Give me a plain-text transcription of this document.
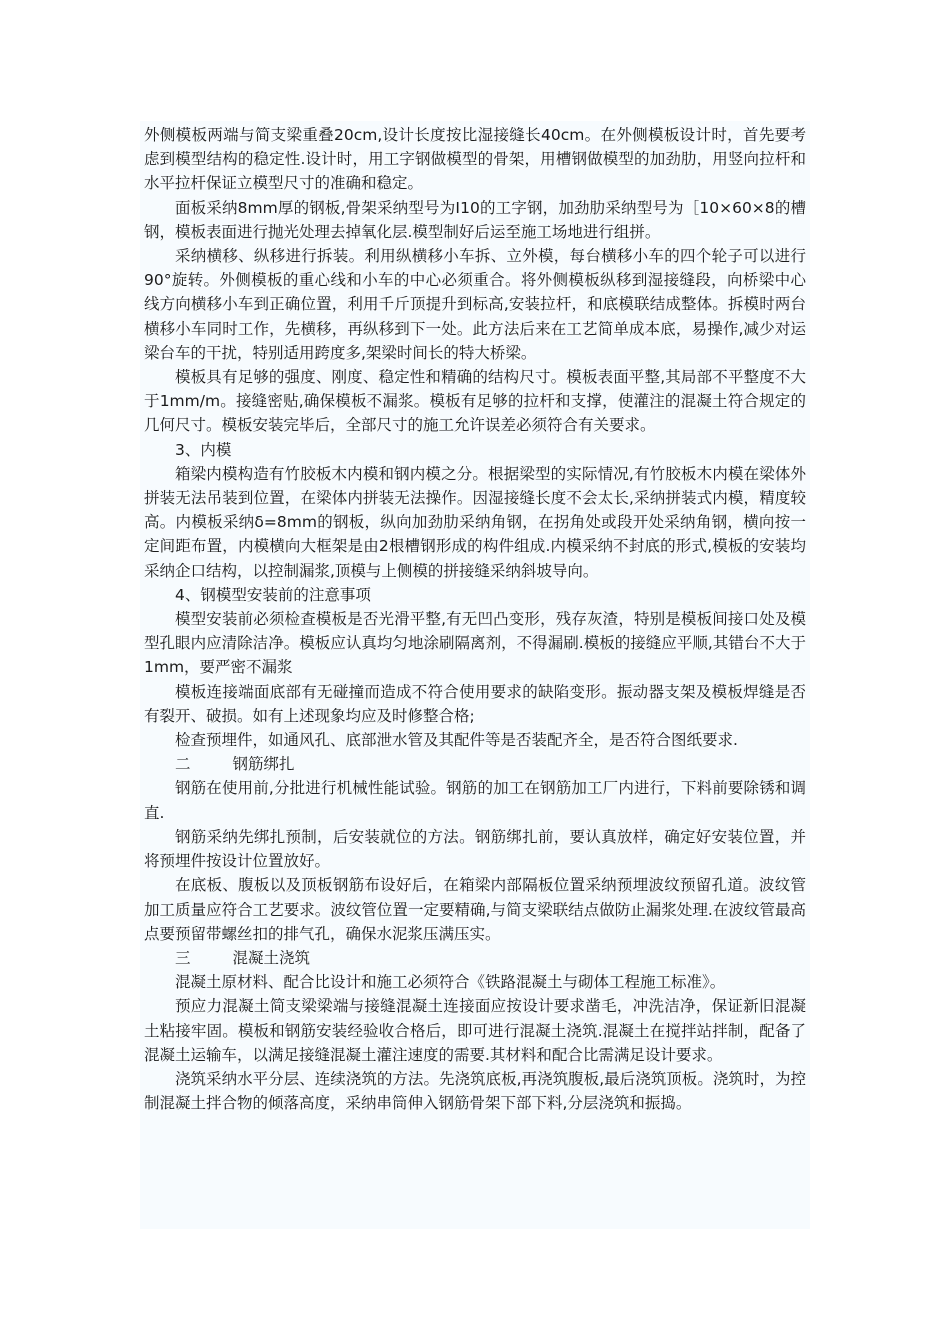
外侧模板两端与简支梁重叠20cm,设计长度按比湿接缝长40cm。在外侧模板设计时，首先要考虑到模型结构的稳定性.设计时，用工字钢做模型的骨架，用槽钢做模型的加劲肋，用竖向拉杆和水平拉杆保证立模型尺寸的准确和稳定。

面板采纳8mm厚的钢板,骨架采纳型号为Ⅰ10的工字钢，加劲肋采纳型号为［10×60×8的槽钢，模板表面进行抛光处理去掉氧化层.模型制好后运至施工场地进行组拼。

采纳横移、纵移进行拆装。利用纵横移小车拆、立外模，每台横移小车的四个轮子可以进行90°旋转。外侧模板的重心线和小车的中心必须重合。将外侧模板纵移到湿接缝段，向桥梁中心线方向横移小车到正确位置，利用千斤顶提升到标高,安装拉杆，和底模联结成整体。拆模时两台横移小车同时工作，先横移，再纵移到下一处。此方法后来在工艺简单成本底，易操作,减少对运梁台车的干扰，特别适用跨度多,架梁时间长的特大桥梁。

模板具有足够的强度、刚度、稳定性和精确的结构尺寸。模板表面平整,其局部不平整度不大于1mm/m。接缝密贴,确保模板不漏浆。模板有足够的拉杆和支撑，使灌注的混凝土符合规定的几何尺寸。模板安装完毕后，全部尺寸的施工允许误差必须符合有关要求。

3、内模

箱梁内模构造有竹胶板木内模和钢内模之分。根据梁型的实际情况,有竹胶板木内模在梁体外拼装无法吊装到位置，在梁体内拼装无法操作。因湿接缝长度不会太长,采纳拼装式内模，精度较高。内模板采纳δ=8mm的钢板，纵向加劲肋采纳角钢，在拐角处或段开处采纳角钢，横向按一定间距布置，内模横向大框架是由2根槽钢形成的构件组成.内模采纳不封底的形式,模板的安装均采纳企口结构，以控制漏浆,顶模与上侧模的拼接缝采纳斜坡导向。

4、钢模型安装前的注意事项

模型安装前必须检查模板是否光滑平整,有无凹凸变形，残存灰渣，特别是模板间接口处及模型孔眼内应清除洁净。模板应认真均匀地涂刷隔离剂，不得漏刷.模板的接缝应平顺,其错台不大于1mm，要严密不漏浆

模板连接端面底部有无碰撞而造成不符合使用要求的缺陷变形。振动器支架及模板焊缝是否有裂开、破损。如有上述现象均应及时修整合格;

检查预埋件，如通风孔、底部泄水管及其配件等是否装配齐全，是否符合图纸要求.

二	钢筋绑扎

钢筋在使用前,分批进行机械性能试验。钢筋的加工在钢筋加工厂内进行，下料前要除锈和调直.

钢筋采纳先绑扎预制，后安装就位的方法。钢筋绑扎前，要认真放样，确定好安装位置，并将预埋件按设计位置放好。

在底板、腹板以及顶板钢筋布设好后，在箱梁内部隔板位置采纳预埋波纹预留孔道。波纹管加工质量应符合工艺要求。波纹管位置一定要精确,与简支梁联结点做防止漏浆处理.在波纹管最高点要预留带螺丝扣的排气孔，确保水泥浆压满压实。

三	混凝土浇筑

混凝土原材料、配合比设计和施工必须符合《铁路混凝土与砌体工程施工标准》。

预应力混凝土简支梁梁端与接缝混凝土连接面应按设计要求凿毛，冲洗洁净，保证新旧混凝土粘接牢固。模板和钢筋安装经验收合格后，即可进行混凝土浇筑.混凝土在搅拌站拌制，配备了混凝土运输车，以满足接缝混凝土灌注速度的需要.其材料和配合比需满足设计要求。

浇筑采纳水平分层、连续浇筑的方法。先浇筑底板,再浇筑腹板,最后浇筑顶板。浇筑时，为控制混凝土拌合物的倾落高度，采纳串筒伸入钢筋骨架下部下料,分层浇筑和振捣。
